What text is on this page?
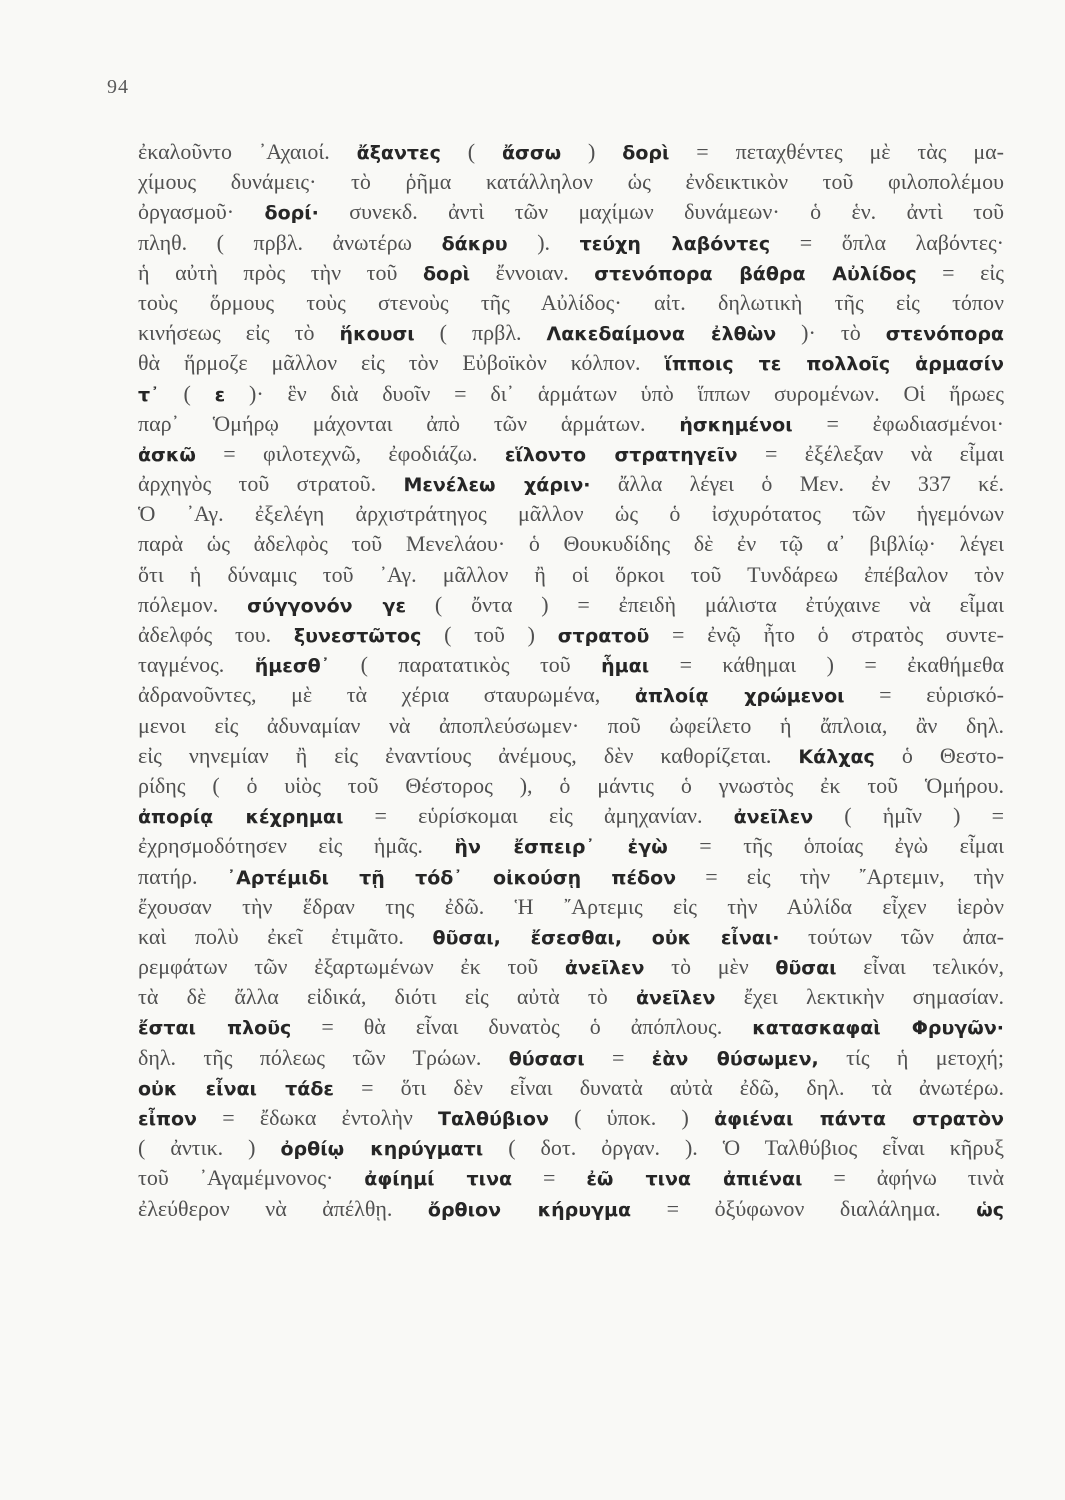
94
ἐκαλοῦντο ᾽Αχαιοί. ἄξαντες ( ἄσσω ) δορὶ = πεταχθέντες μὲ τὰς μα-
χίμους δυνάμεις· τὸ ῥῆμα κατάλληλον ὡς ἐνδεικτικὸν τοῦ φιλοπολέμου
ὀργασμοῦ· δορί· συνεκδ. ἀντὶ τῶν μαχίμων δυνάμεων· ὁ ἑν. ἀντὶ τοῦ
πληθ. ( πρβλ. ἀνωτέρω δάκρυ ). τεύχη λαβόντες = ὅπλα λαβόντες·
ἡ αὐτὴ πρὸς τὴν τοῦ δορὶ ἔννοιαν. στενόπορα βάθρα Αὐλίδος = εἰς
τοὺς ὅρμους τοὺς στενοὺς τῆς Αὐλίδος· αἰτ. δηλωτικὴ τῆς εἰς τόπον
κινήσεως εἰς τὸ ἥκουσι ( πρβλ. Λακεδαίμονα ἐλθὼν )· τὸ στενόπορα
θὰ ἥρμοζε μᾶλλον εἰς τὸν Εὐβοϊκὸν κόλπον. ἵπποις τε πολλοῖς ἁρμασίν
τ᾽ ( ε )· ἓν διὰ δυοῖν = δι᾽ ἁρμάτων ὑπὸ ἵππων συρομένων. Οἱ ἥρωες
παρ᾽ Ὁμήρῳ μάχονται ἀπὸ τῶν ἁρμάτων. ἠσκημένοι = ἐφωδιασμένοι·
ἀσκῶ = φιλοτεχνῶ, ἐφοδιάζω. εἵλοντο στρατηγεῖν = ἐξέλεξαν νὰ εἶμαι
ἀρχηγὸς τοῦ στρατοῦ. Μενέλεω χάριν· ἄλλα λέγει ὁ Μεν. ἐν 337 κέ.
Ὁ ᾽Αγ. ἐξελέγη ἀρχιστράτηγος μᾶλλον ὡς ὁ ἰσχυρότατος τῶν ἡγεμόνων
παρὰ ὡς ἀδελφὸς τοῦ Μενελάου· ὁ Θουκυδίδης δὲ ἐν τῷ α᾽ βιβλίῳ· λέγει
ὅτι ἡ δύναμις τοῦ ᾽Αγ. μᾶλλον ἢ οἱ ὅρκοι τοῦ Τυνδάρεω ἐπέβαλον τὸν
πόλεμον. σύγγονόν γε ( ὄντα ) = ἐπειδὴ μάλιστα ἐτύχαινε νὰ εἶμαι
ἀδελφός του. ξυνεστῶτος ( τοῦ ) στρατοῦ = ἐνῷ ἦτο ὁ στρατὸς συντε-
ταγμένος. ἥμεσθ᾽ ( παρατατικὸς τοῦ ἧμαι = κάθημαι ) = ἐκαθήμεθα
ἀδρανοῦντες, μὲ τὰ χέρια σταυρωμένα, ἀπλοίᾳ χρώμενοι = εὑρισκό-
μενοι εἰς ἀδυναμίαν νὰ ἀποπλεύσωμεν· ποῦ ὠφείλετο ἡ ἄπλοια, ἂν δηλ.
εἰς νηνεμίαν ἢ εἰς ἐναντίους ἀνέμους, δὲν καθορίζεται. Κάλχας ὁ Θεστο-
ρίδης ( ὁ υἱὸς τοῦ Θέστορος ), ὁ μάντις ὁ γνωστὸς ἐκ τοῦ Ὁμήρου.
ἀπορίᾳ κέχρημαι = εὑρίσκομαι εἰς ἀμηχανίαν. ἀνεῖλεν ( ἡμῖν ) =
ἐχρησμοδότησεν εἰς ἡμᾶς. ἣν ἔσπειρ᾽ ἐγὼ = τῆς ὁποίας ἐγὼ εἶμαι
πατήρ. ᾽Αρτέμιδι τῇ τόδ᾽ οἰκούσῃ πέδον = εἰς τὴν ῎Αρτεμιν, τὴν
ἔχουσαν τὴν ἕδραν της ἐδῶ. Ἡ ῎Αρτεμις εἰς τὴν Αὐλίδα εἶχεν ἱερὸν
καὶ πολὺ ἐκεῖ ἐτιμᾶτο. θῦσαι, ἔσεσθαι, οὐκ εἶναι· τούτων τῶν ἀπα-
ρεμφάτων τῶν ἐξαρτωμένων ἐκ τοῦ ἀνεῖλεν τὸ μὲν θῦσαι εἶναι τελικόν,
τὰ δὲ ἄλλα εἰδικά, διότι εἰς αὐτὰ τὸ ἀνεῖλεν ἔχει λεκτικὴν σημασίαν.
ἔσται πλοῦς = θὰ εἶναι δυνατὸς ὁ ἀπόπλους. κατασκαφαὶ Φρυγῶν·
δηλ. τῆς πόλεως τῶν Τρώων. θύσασι = ἐὰν θύσωμεν, τίς ἡ μετοχή;
οὐκ εἶναι τάδε = ὅτι δὲν εἶναι δυνατὰ αὐτὰ ἐδῶ, δηλ. τὰ ἀνωτέρω.
εἶπον = ἔδωκα ἐντολὴν Ταλθύβιον ( ὑποκ. ) ἀφιέναι πάντα στρατὸν
( ἀντικ. ) ὀρθίῳ κηρύγματι ( δοτ. ὀργαν. ). Ὁ Ταλθύβιος εἶναι κῆρυξ
τοῦ ᾽Αγαμέμνονος· ἀφίημί τινα = ἐῶ τινα ἀπιέναι = ἀφήνω τινὰ
ἐλεύθερον νὰ ἀπέλθῃ. ὄρθιον κήρυγμα = ὀξύφωνον διαλάλημα. ὡς
